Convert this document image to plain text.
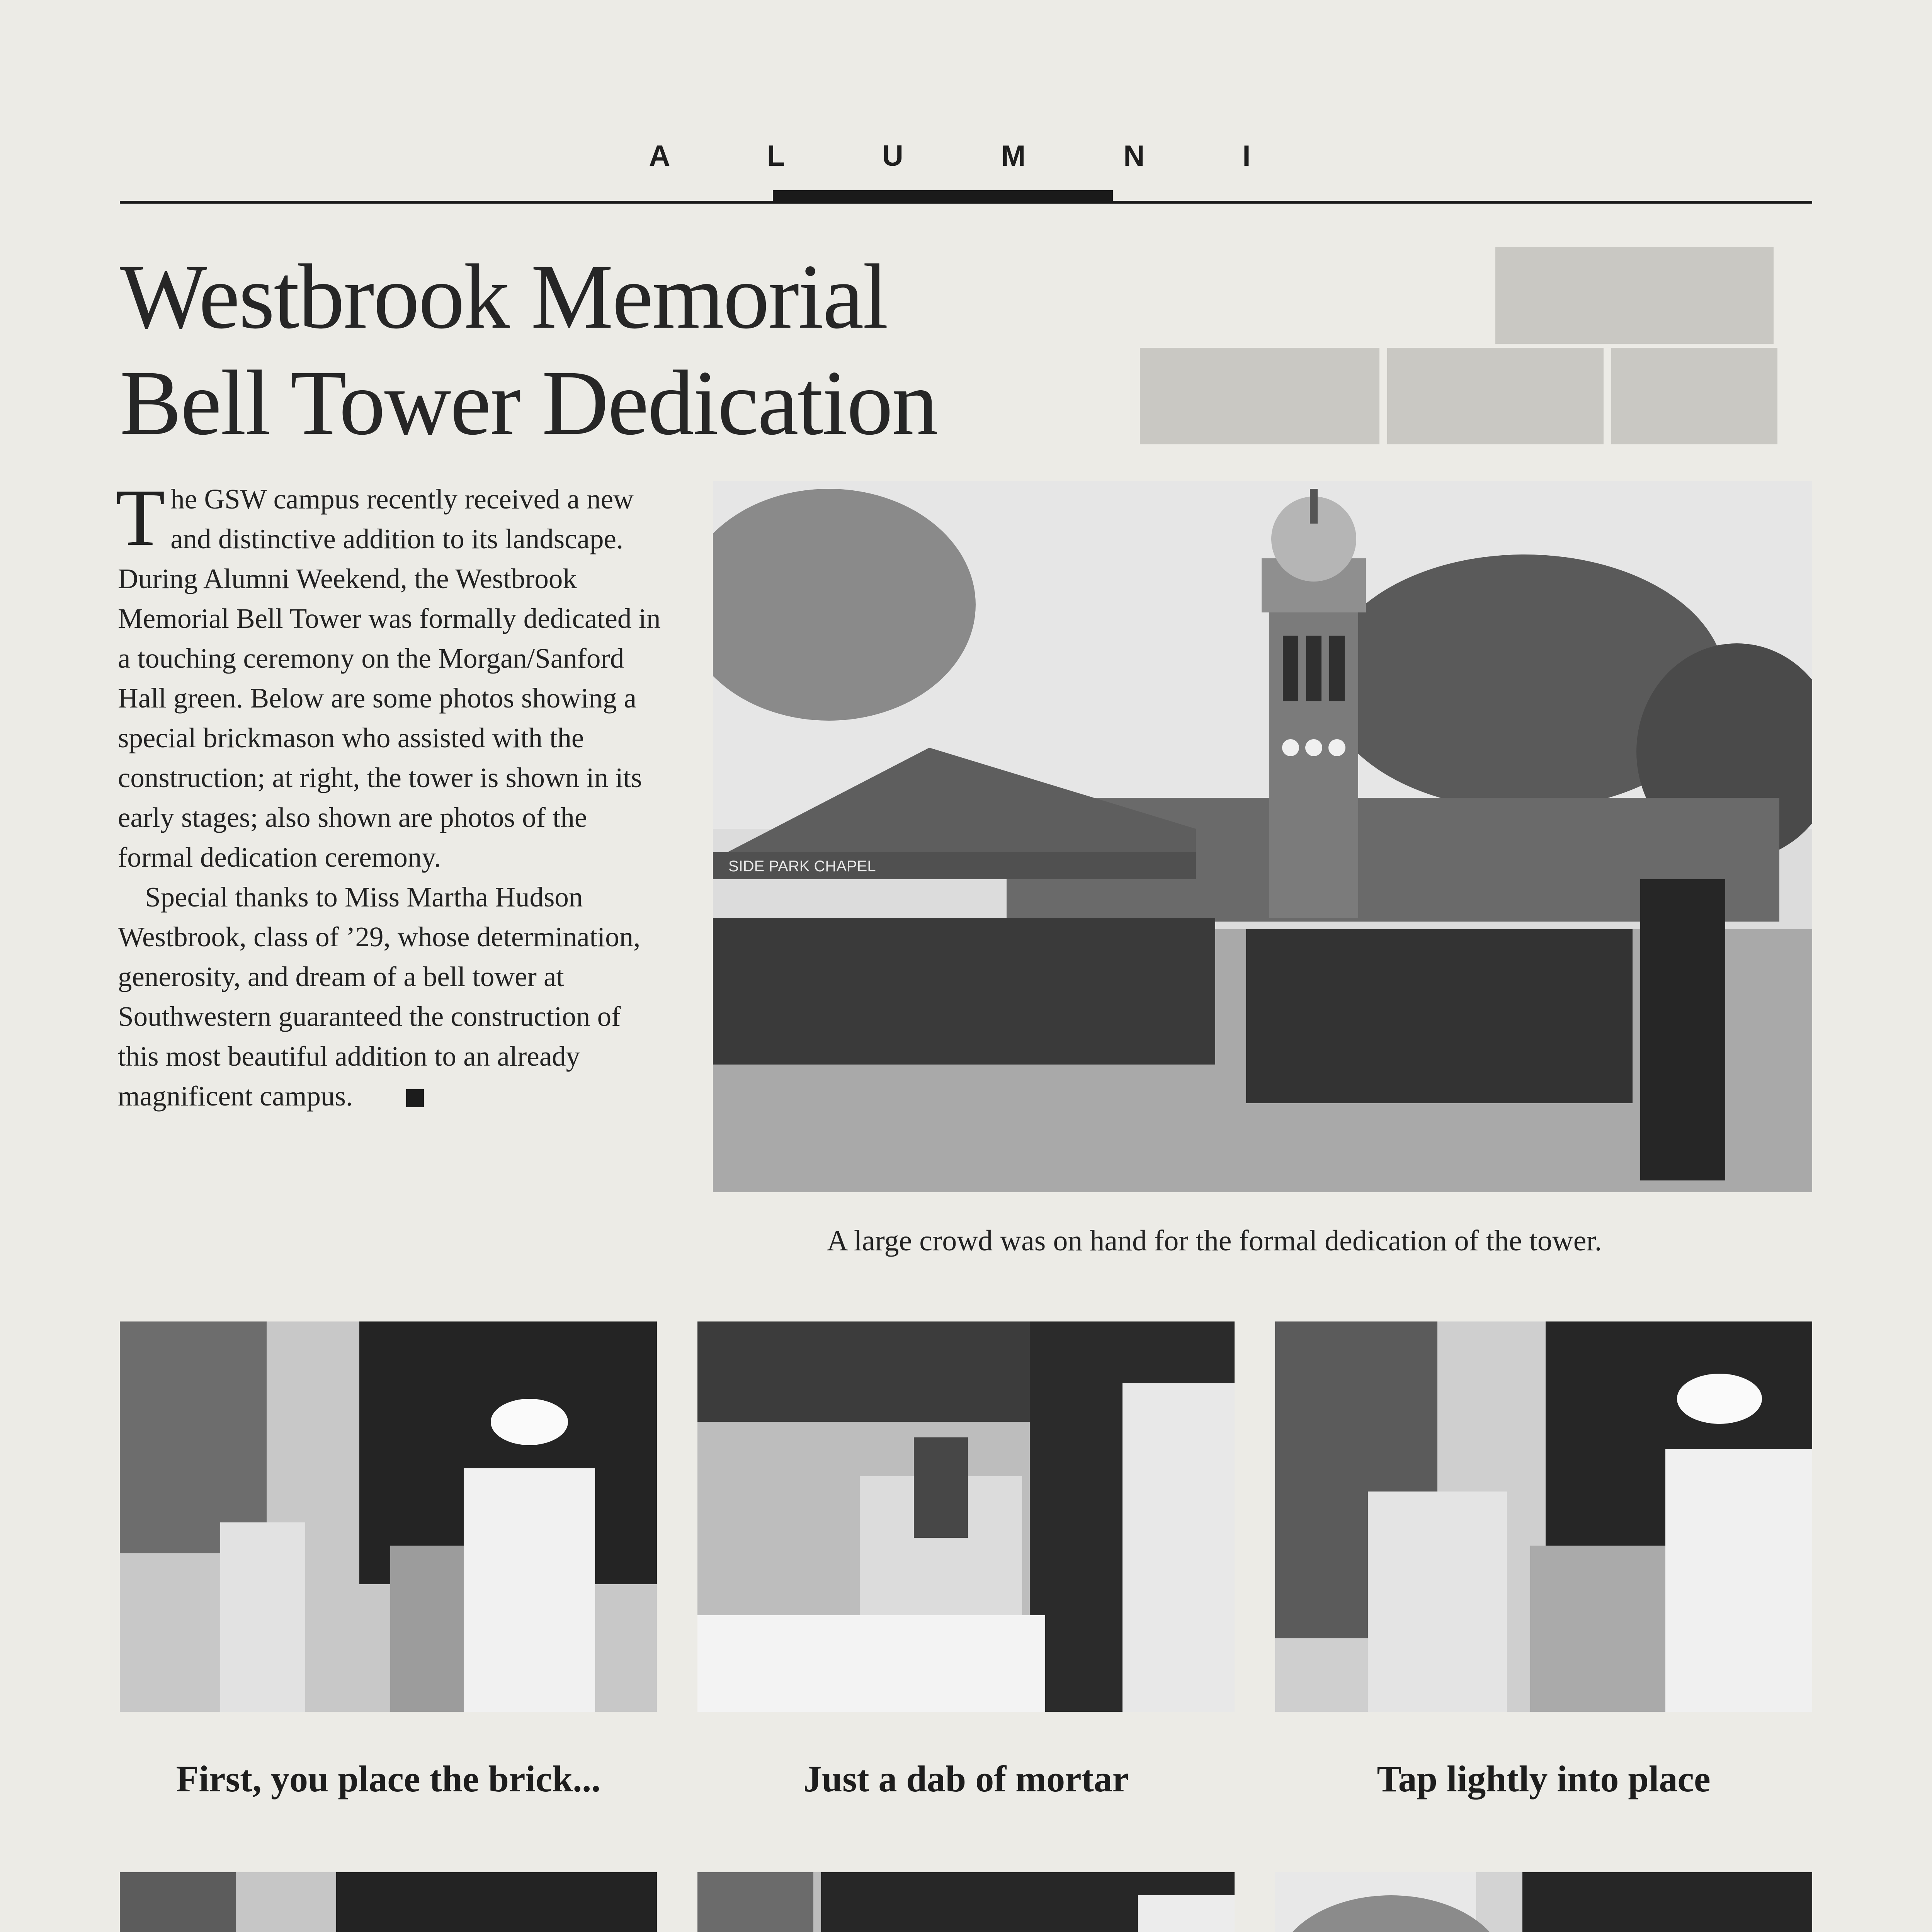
A L U M N I
Westbrook Memorial
Bell Tower Dedication

T he GSW campus recently received a new and distinctive addition to its landscape. During Alumni Weekend, the Westbrook Memorial Bell Tower was formally dedicated in a touching ceremony on the Morgan/Sanford Hall green. Below are some photos showing a special brickmason who assisted with the construction; at right, the tower is shown in its early stages; also shown are photos of the formal dedication ceremony.

Special thanks to Miss Martha Hudson Westbrook, class of ’29, whose determination, generosity, and dream of a bell tower at Southwestern guaranteed the construction of this most beautiful addition to an already magnificent campus.

SIDE PARK CHAPEL
A large crowd was on hand for the formal dedication of the tower.
First, you place the brick...	Just a dab of mortar	Tap lightly into place
